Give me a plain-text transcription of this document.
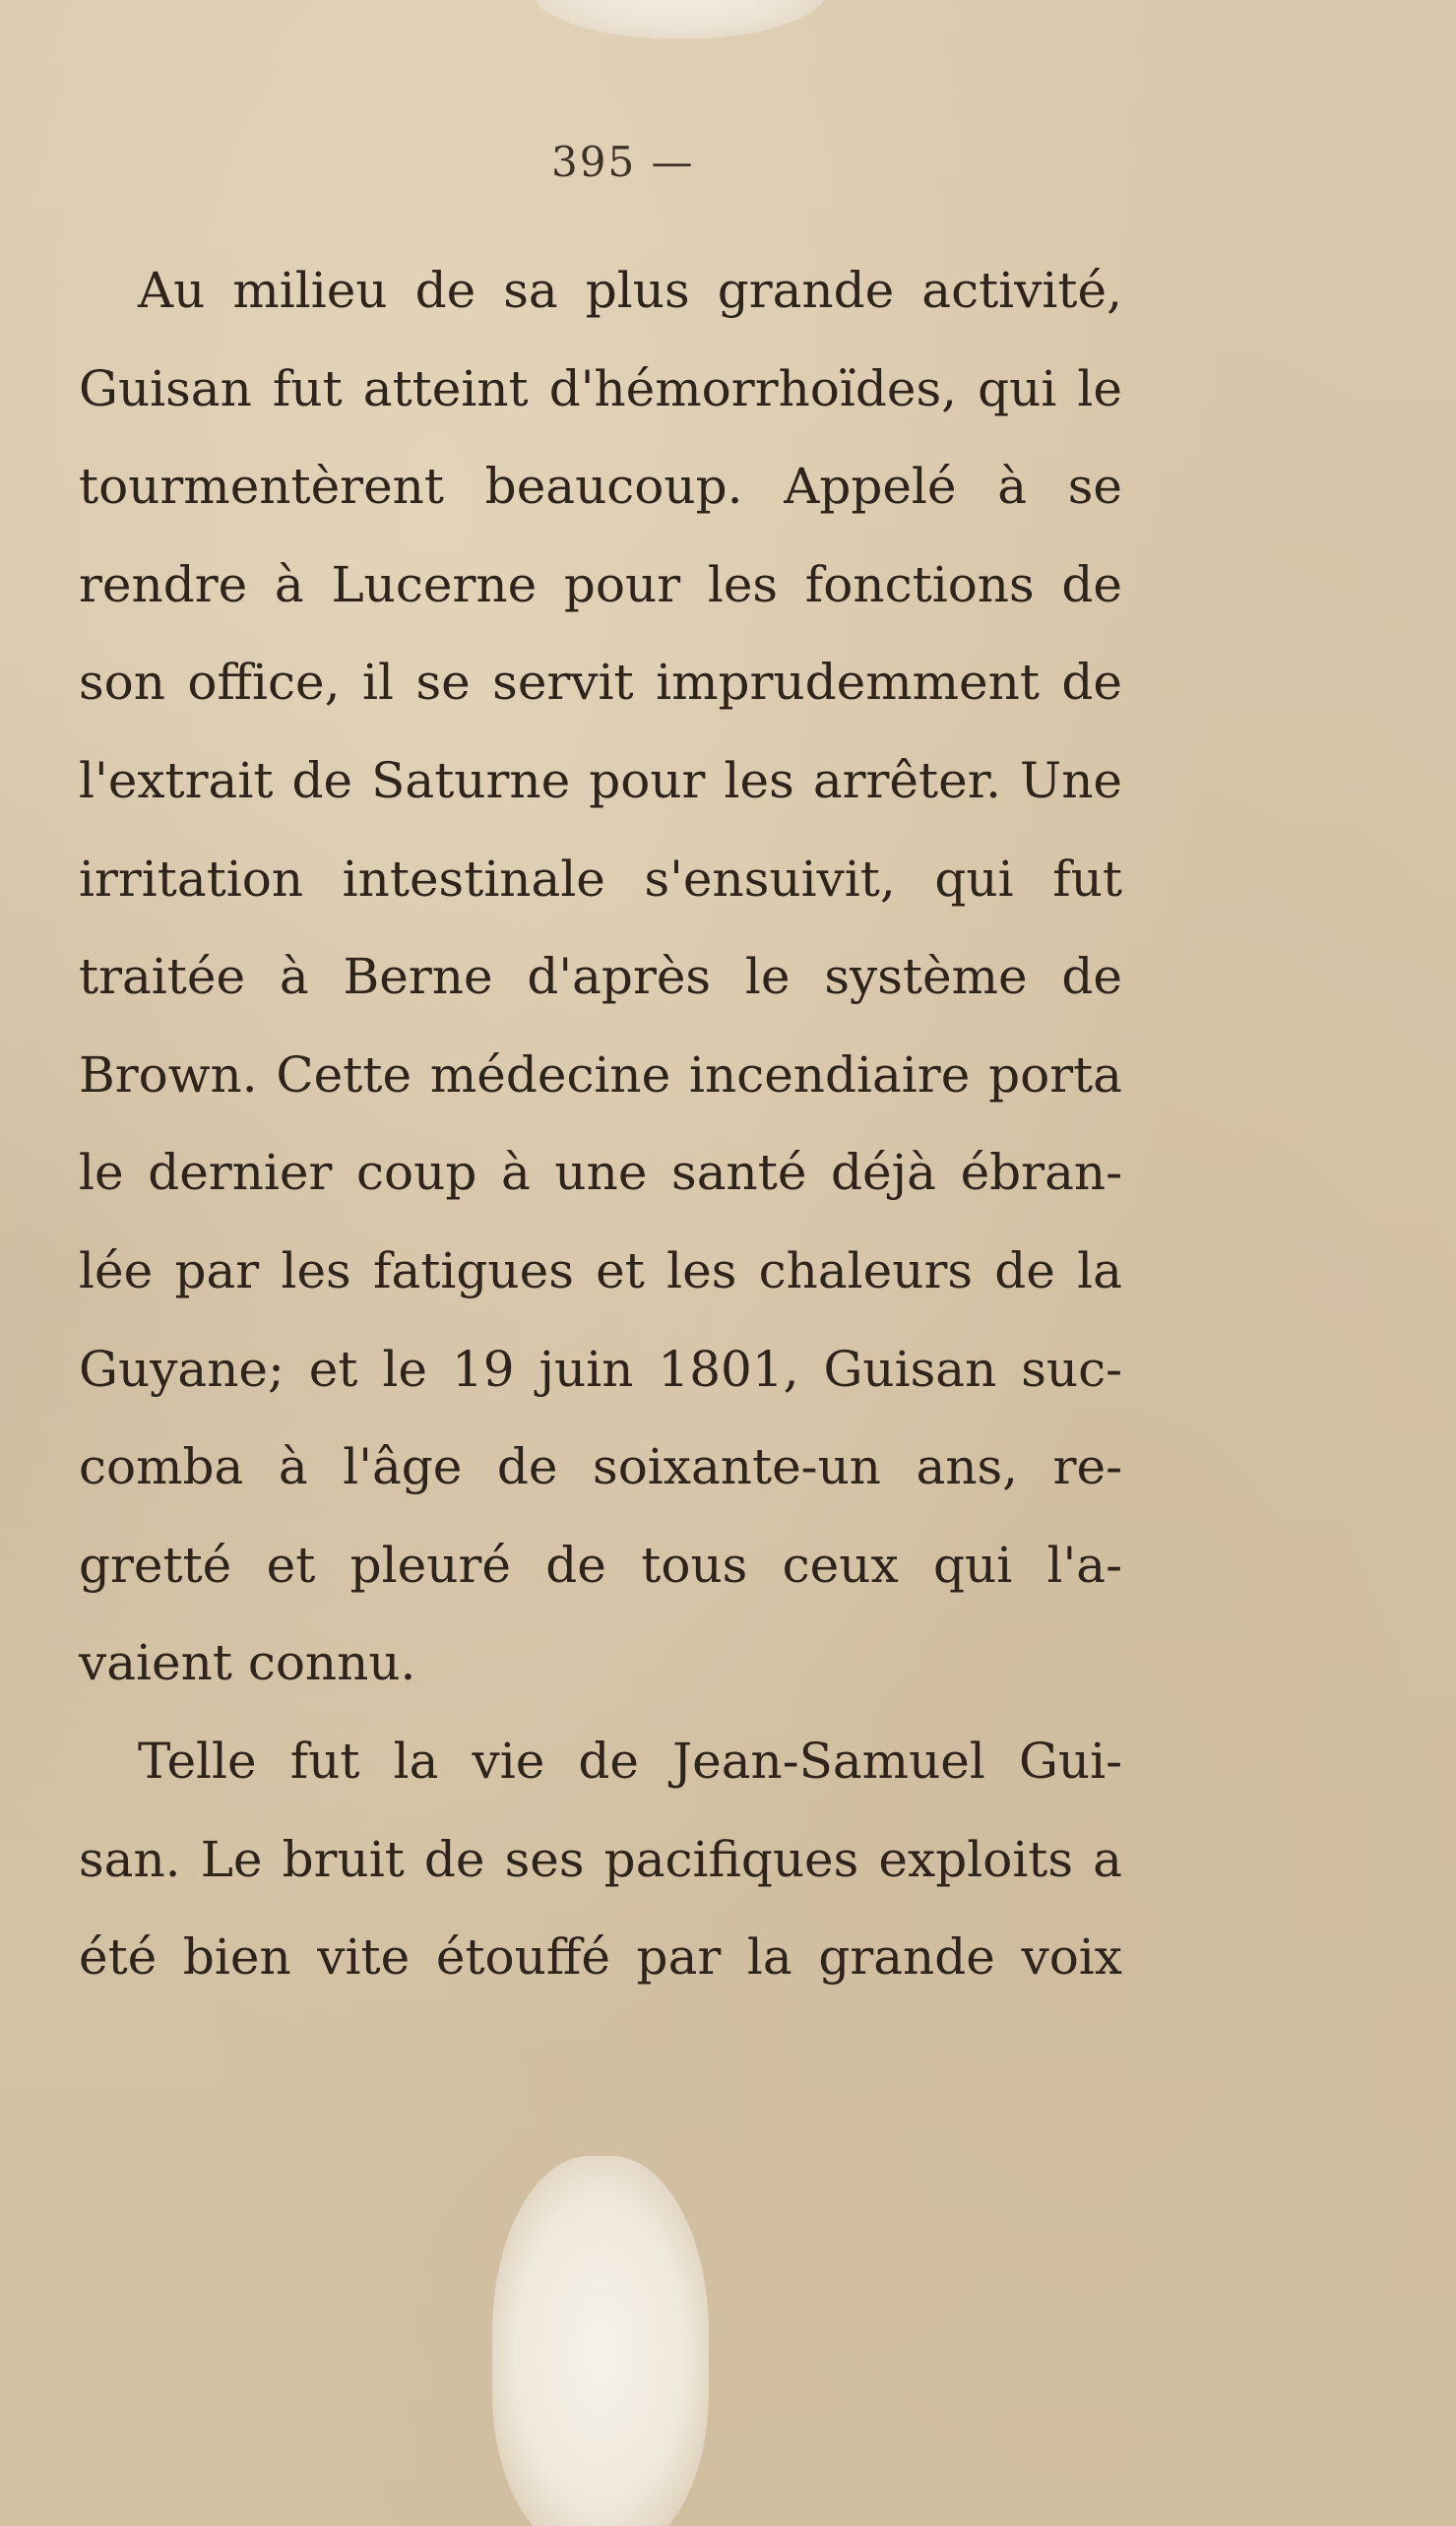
395 —
Au milieu de sa plus grande activité,
Guisan fut atteint d'hémorrhoïdes, qui le
tourmentèrent beaucoup. Appelé à se
rendre à Lucerne pour les fonctions de
son office, il se servit imprudemment de
l'extrait de Saturne pour les arrêter. Une
irritation intestinale s'ensuivit, qui fut
traitée à Berne d'après le système de
Brown. Cette médecine incendiaire porta
le dernier coup à une santé déjà ébran-
lée par les fatigues et les chaleurs de la
Guyane; et le 19 juin 1801, Guisan suc-
comba à l'âge de soixante-un ans, re-
gretté et pleuré de tous ceux qui l'a-
vaient connu.
Telle fut la vie de Jean-Samuel Gui-
san. Le bruit de ses pacifiques exploits a
été bien vite étouffé par la grande voix
